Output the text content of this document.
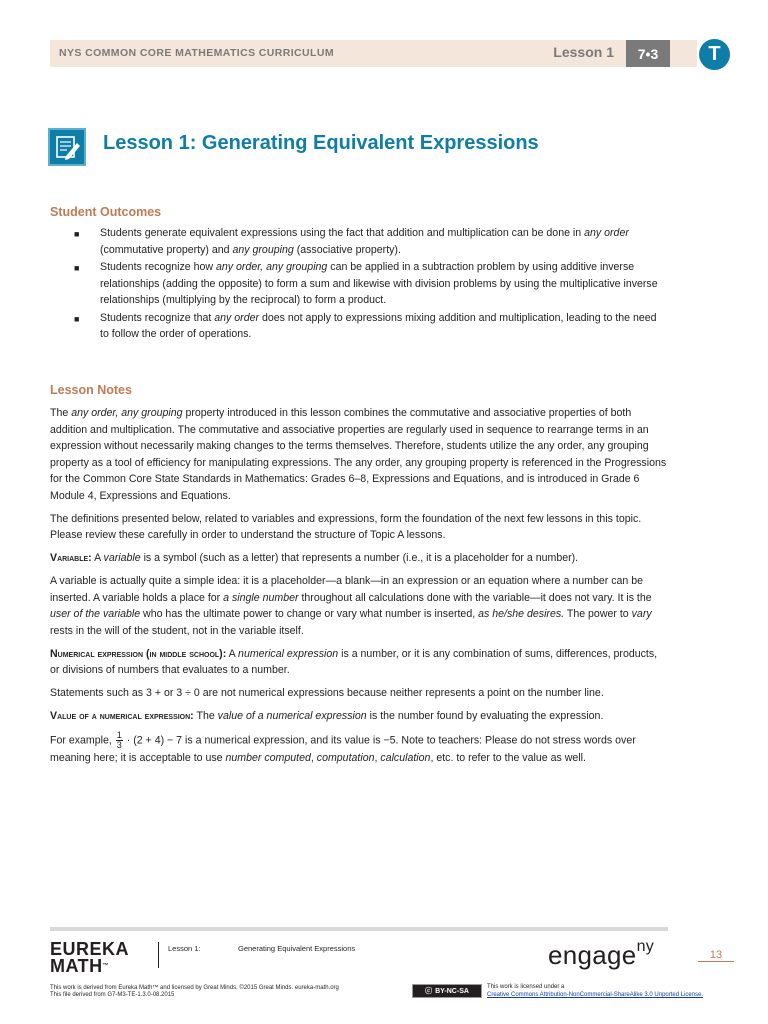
NYS COMMON CORE MATHEMATICS CURRICULUM	Lesson 1	7•3	T
Lesson 1: Generating Equivalent Expressions
Student Outcomes
■ Students generate equivalent expressions using the fact that addition and multiplication can be done in any order (commutative property) and any grouping (associative property).
■ Students recognize how any order, any grouping can be applied in a subtraction problem by using additive inverse relationships (adding the opposite) to form a sum and likewise with division problems by using the multiplicative inverse relationships (multiplying by the reciprocal) to form a product.
■ Students recognize that any order does not apply to expressions mixing addition and multiplication, leading to the need to follow the order of operations.
Lesson Notes

The any order, any grouping property introduced in this lesson combines the commutative and associative properties of both addition and multiplication. The commutative and associative properties are regularly used in sequence to rearrange terms in an expression without necessarily making changes to the terms themselves. Therefore, students utilize the any order, any grouping property as a tool of efficiency for manipulating expressions. The any order, any grouping property is referenced in the Progressions for the Common Core State Standards in Mathematics: Grades 6–8, Expressions and Equations, and is introduced in Grade 6 Module 4, Expressions and Equations.

The definitions presented below, related to variables and expressions, form the foundation of the next few lessons in this topic. Please review these carefully in order to understand the structure of Topic A lessons.

Variable: A variable is a symbol (such as a letter) that represents a number (i.e., it is a placeholder for a number).

A variable is actually quite a simple idea: it is a placeholder—a blank—in an expression or an equation where a number can be inserted. A variable holds a place for a single number throughout all calculations done with the variable—it does not vary. It is the user of the variable who has the ultimate power to change or vary what number is inserted, as he/she desires. The power to vary rests in the will of the student, not in the variable itself.

Numerical expression (in middle school): A numerical expression is a number, or it is any combination of sums, differences, products, or divisions of numbers that evaluates to a number.

Statements such as 3 + or 3 ÷ 0 are not numerical expressions because neither represents a point on the number line.

Value of a numerical expression: The value of a numerical expression is the number found by evaluating the expression.

For example, $\frac{1}{3} \cdot (2 + 4) - 7$ is a numerical expression, and its value is −5. Note to teachers: Please do not stress words over meaning here; it is acceptable to use number computed, computation, calculation, etc. to refer to the value as well.

EUREKA
MATH™
Lesson 1:	Generating Equivalent Expressions	engage$^{ny}$	13
This work is derived from Eureka Math™ and licensed by Great Minds. ©2015 Great Minds. eureka-math.org
This file derived from G7-M3-TE-1.3.0-08.2015	ⓒ BY-NC-SA
This work is licensed under a
Creative Commons Attribution-NonCommercial-ShareAlike 3.0 Unported License.
